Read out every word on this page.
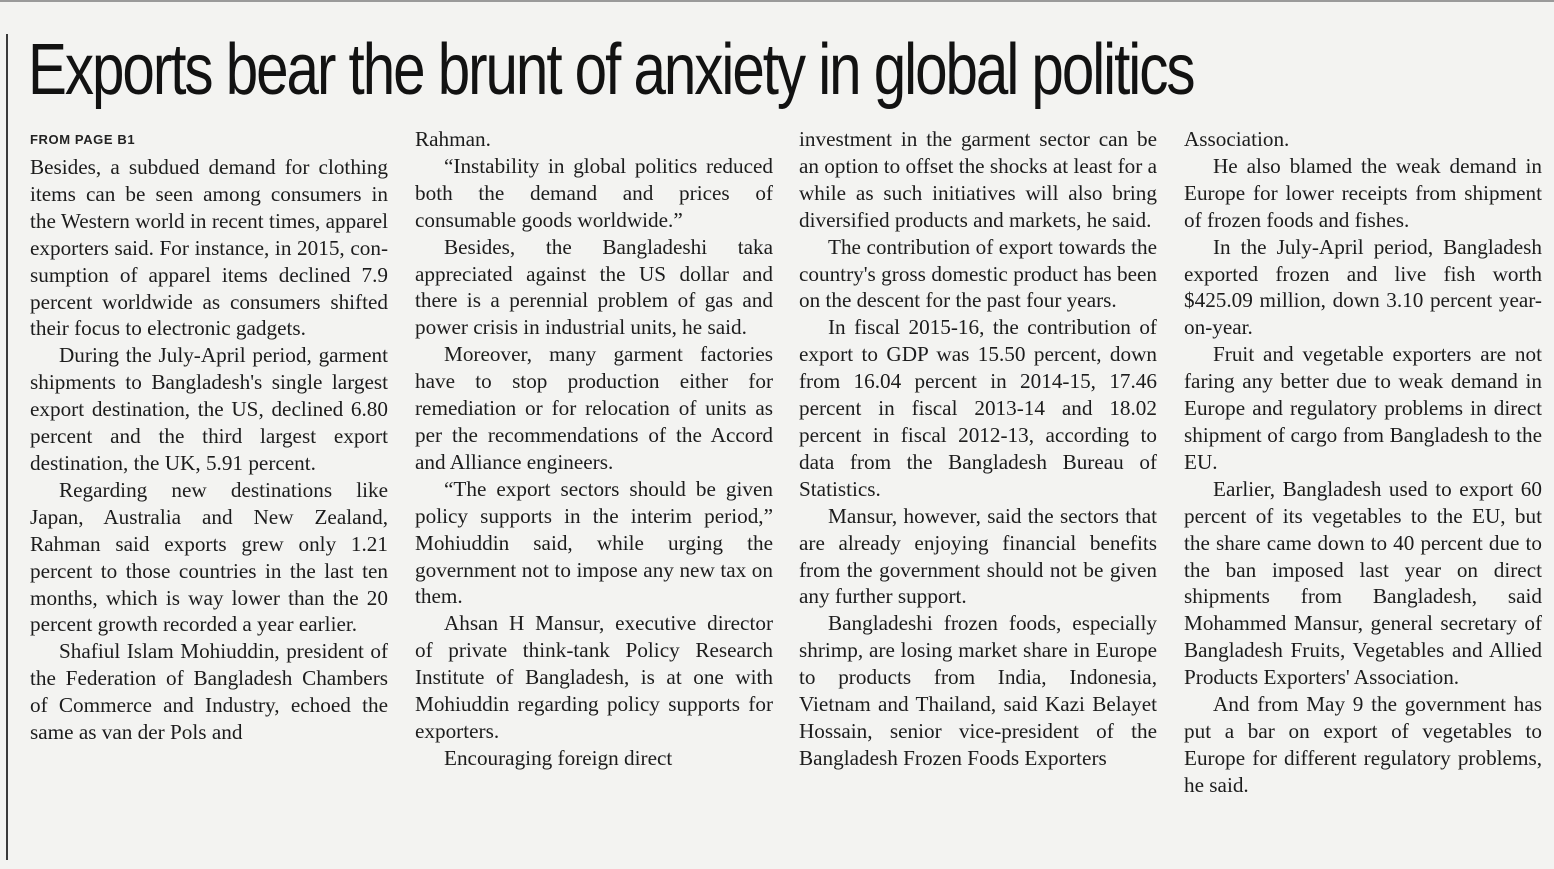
Exports bear the brunt of anxiety in global politics
FROM PAGE B1

Besides, a subdued demand for clothing items can be seen among consumers in the Western world in recent times, apparel exporters said. For instance, in 2015, consumption of apparel items declined 7.9 percent worldwide as consumers shifted their focus to electronic gadgets.

During the July-April period, garment shipments to Bangladesh's single largest export destination, the US, declined 6.80 percent and the third largest export destination, the UK, 5.91 percent.

Regarding new destinations like Japan, Australia and New Zealand, Rahman said exports grew only 1.21 percent to those countries in the last ten months, which is way lower than the 20 percent growth recorded a year earlier.

Shafiul Islam Mohiuddin, president of the Federation of Bangladesh Chambers of Commerce and Industry, echoed the same as van der Pols and

Rahman.

“Instability in global politics reduced both the demand and prices of consumable goods worldwide.”

Besides, the Bangladeshi taka appreciated against the US dollar and there is a perennial problem of gas and power crisis in industrial units, he said.

Moreover, many garment factories have to stop production either for remediation or for relocation of units as per the recommendations of the Accord and Alliance engineers.

“The export sectors should be given policy supports in the interim period,” Mohiuddin said, while urging the government not to impose any new tax on them.

Ahsan H Mansur, executive director of private think-tank Policy Research Institute of Bangladesh, is at one with Mohiuddin regarding policy supports for exporters.

Encouraging foreign direct

investment in the garment sector can be an option to offset the shocks at least for a while as such initiatives will also bring diversified products and markets, he said.

The contribution of export towards the country's gross domestic product has been on the descent for the past four years.

In fiscal 2015-16, the contribution of export to GDP was 15.50 percent, down from 16.04 percent in 2014-15, 17.46 percent in fiscal 2013-14 and 18.02 percent in fiscal 2012-13, according to data from the Bangladesh Bureau of Statistics.

Mansur, however, said the sectors that are already enjoying financial benefits from the government should not be given any further support.

Bangladeshi frozen foods, especially shrimp, are losing market share in Europe to products from India, Indonesia, Vietnam and Thailand, said Kazi Belayet Hossain, senior vice-president of the Bangladesh Frozen Foods Exporters

Association.

He also blamed the weak demand in Europe for lower receipts from shipment of frozen foods and fishes.

In the July-April period, Bangladesh exported frozen and live fish worth $425.09 million, down 3.10 percent year-on-year.

Fruit and vegetable exporters are not faring any better due to weak demand in Europe and regulatory problems in direct shipment of cargo from Bangladesh to the EU.

Earlier, Bangladesh used to export 60 percent of its vegetables to the EU, but the share came down to 40 percent due to the ban imposed last year on direct shipments from Bangladesh, said Mohammed Mansur, general secretary of Bangladesh Fruits, Vegetables and Allied Products Exporters' Association.

And from May 9 the government has put a bar on export of vegetables to Europe for different regulatory problems, he said.
